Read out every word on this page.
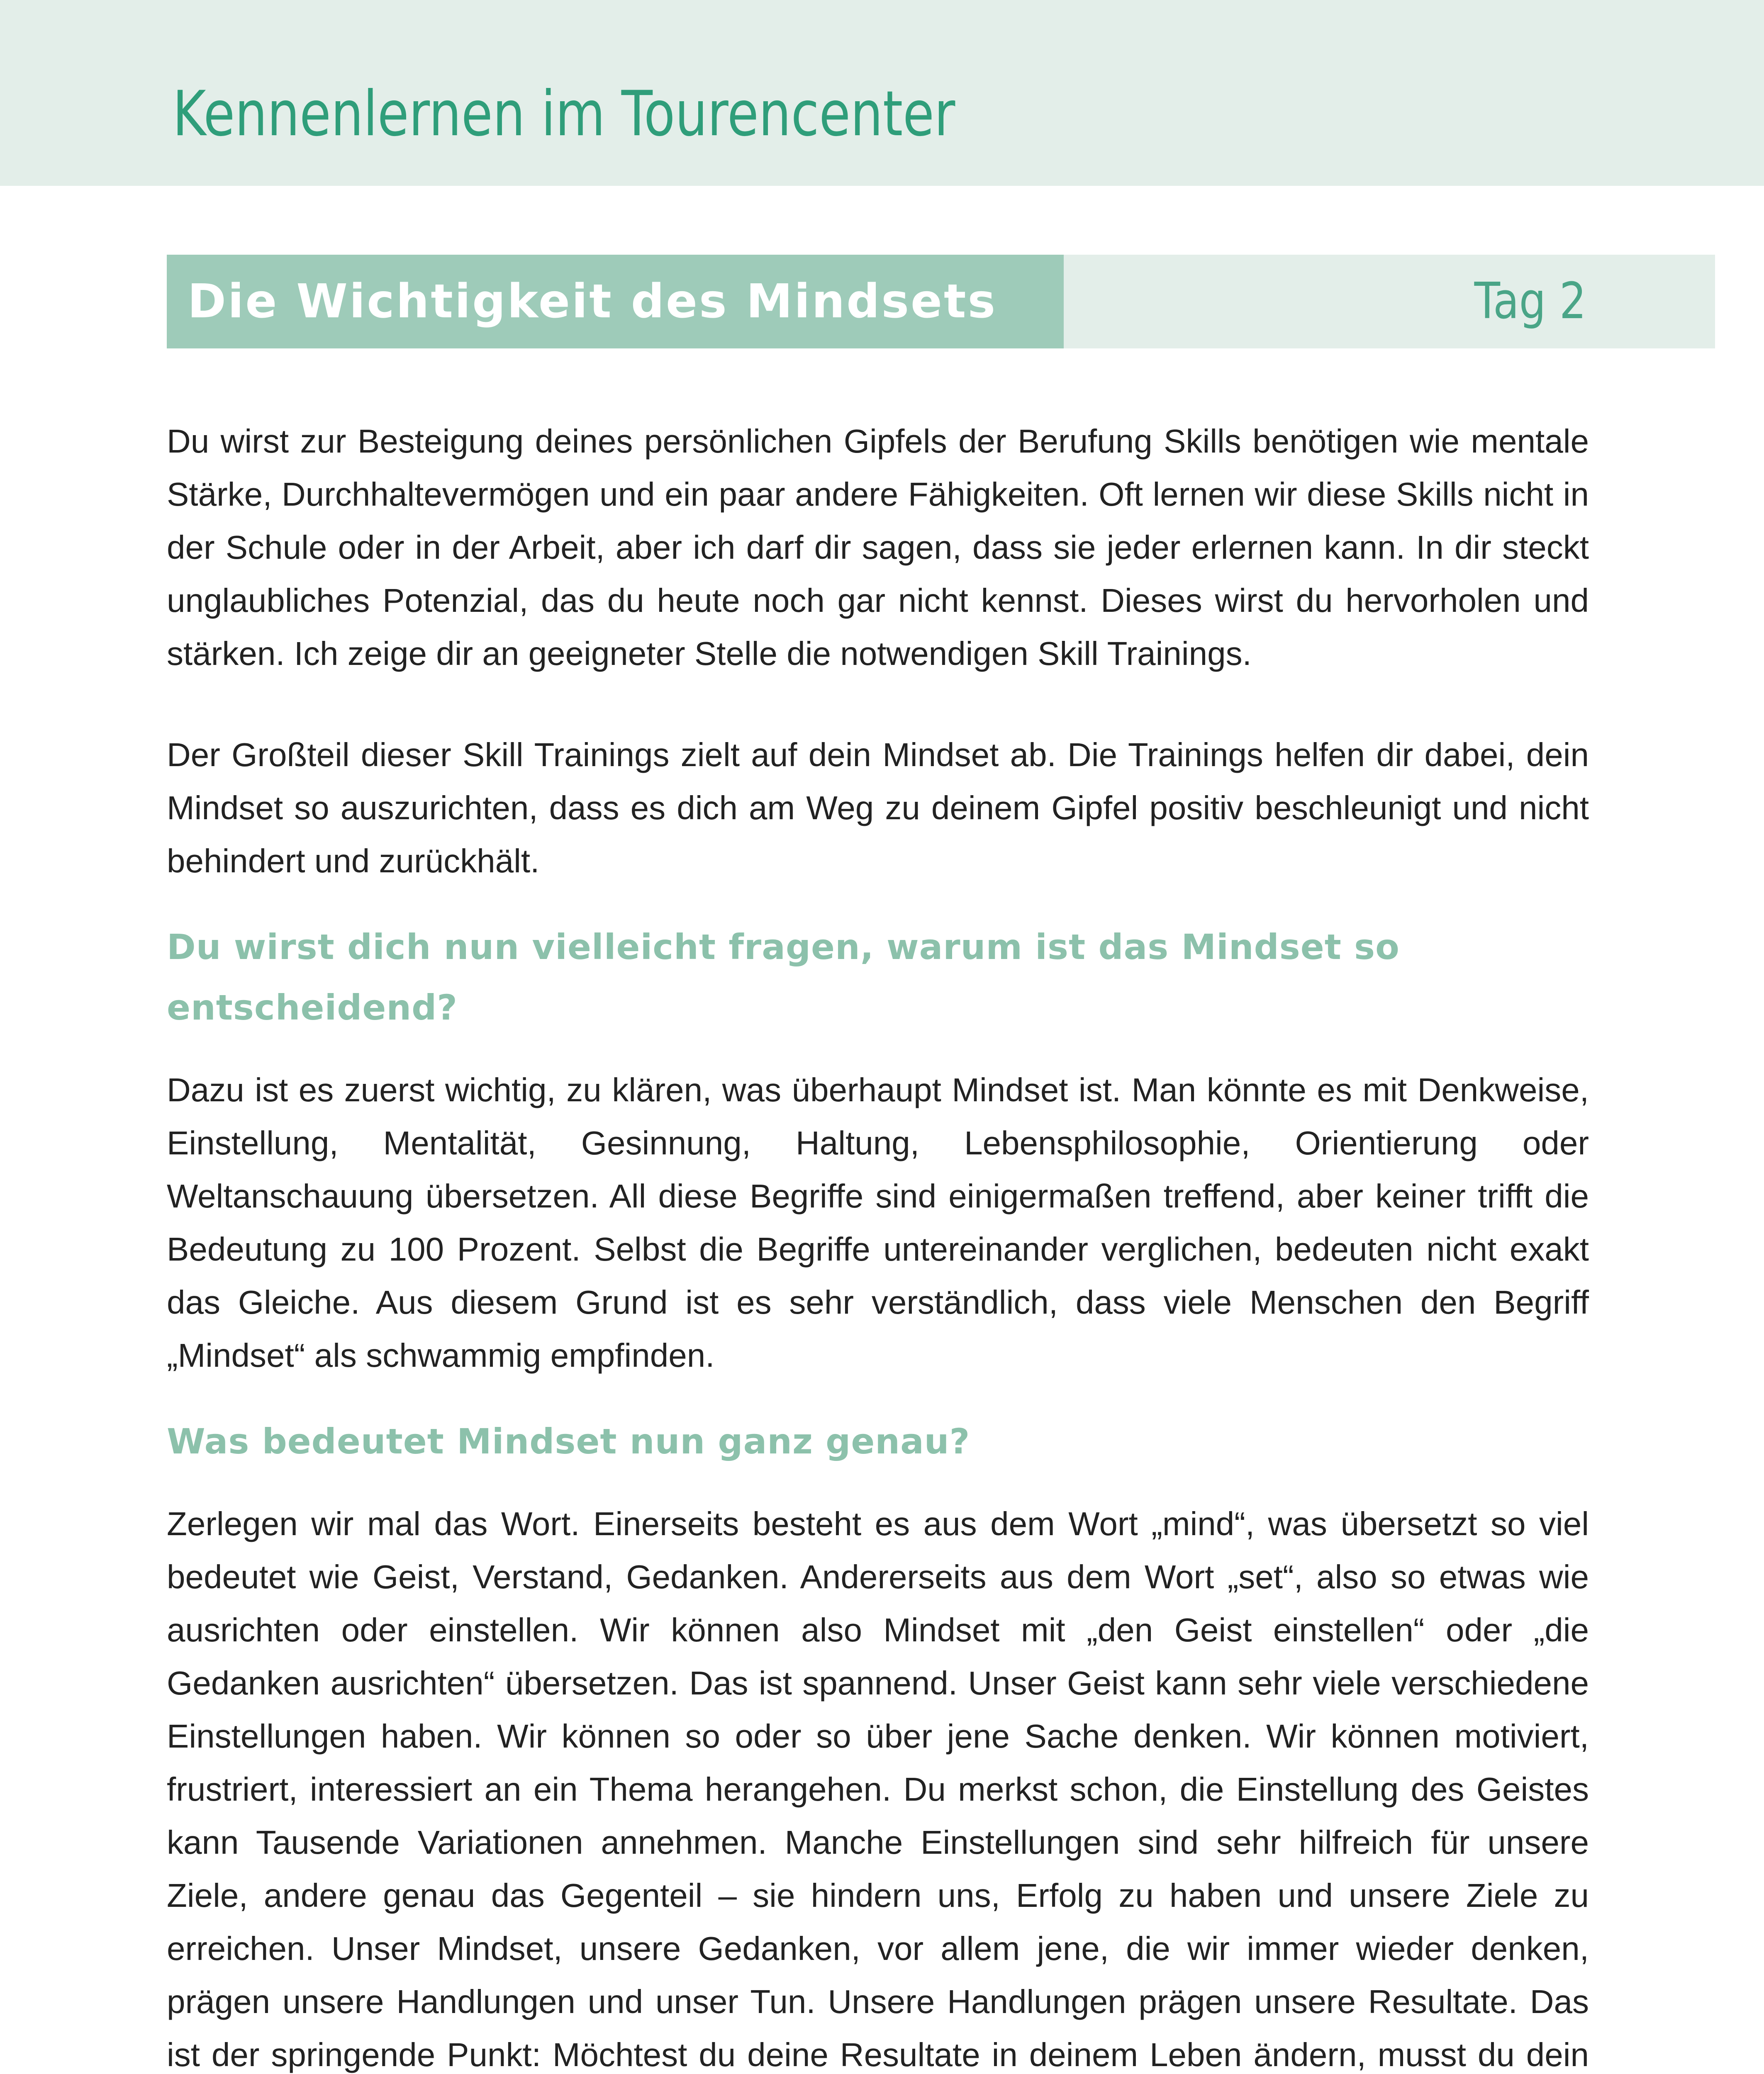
Kennenlernen im Tourencenter
Die Wichtigkeit des Mindsets	Tag 2

Du wirst zur Besteigung deines persönlichen Gipfels der Berufung Skills benötigen wie mentale Stärke, Durchhaltevermögen und ein paar andere Fähigkeiten. Oft lernen wir diese Skills nicht in der Schule oder in der Arbeit, aber ich darf dir sagen, dass sie jeder erlernen kann. In dir steckt unglaubliches Potenzial, das du heute noch gar nicht kennst. Dieses wirst du hervorholen und stärken. Ich zeige dir an geeigneter Stelle die notwendigen Skill Trainings.

Der Großteil dieser Skill Trainings zielt auf dein Mindset ab. Die Trainings helfen dir dabei, dein Mindset so auszurichten, dass es dich am Weg zu deinem Gipfel positiv beschleunigt und nicht behindert und zurückhält.

Du wirst dich nun vielleicht fragen, warum ist das Mindset so entscheidend?

Dazu ist es zuerst wichtig, zu klären, was überhaupt Mindset ist. Man könnte es mit Denkweise, Einstellung, Mentalität, Gesinnung, Haltung, Lebensphilosophie, Orientierung oder Weltanschauung übersetzen. All diese Begriffe sind einigermaßen treffend, aber keiner trifft die Bedeutung zu 100 Prozent. Selbst die Begriffe untereinander verglichen, bedeuten nicht exakt das Gleiche. Aus diesem Grund ist es sehr verständlich, dass viele Menschen den Begriff „Mindset“ als schwammig empfinden.

Was bedeutet Mindset nun ganz genau?

Zerlegen wir mal das Wort. Einerseits besteht es aus dem Wort „mind“, was übersetzt so viel bedeutet wie Geist, Verstand, Gedanken. Andererseits aus dem Wort „set“, also so etwas wie ausrichten oder einstellen. Wir können also Mindset mit „den Geist einstellen“ oder „die Gedanken ausrichten“ übersetzen. Das ist spannend. Unser Geist kann sehr viele verschiedene Einstellungen haben. Wir können so oder so über jene Sache denken. Wir können motiviert, frustriert, interessiert an ein Thema herangehen. Du merkst schon, die Einstellung des Geistes kann Tausende Variationen annehmen. Manche Einstellungen sind sehr hilfreich für unsere Ziele, andere genau das Gegenteil – sie hindern uns, Erfolg zu haben und unsere Ziele zu erreichen. Unser Mindset, unsere Gedanken, vor allem jene, die wir immer wieder denken, prägen unsere Handlungen und unser Tun. Unsere Handlungen prägen unsere Resultate. Das ist der springende Punkt: Möchtest du deine Resultate in deinem Leben ändern, musst du dein
